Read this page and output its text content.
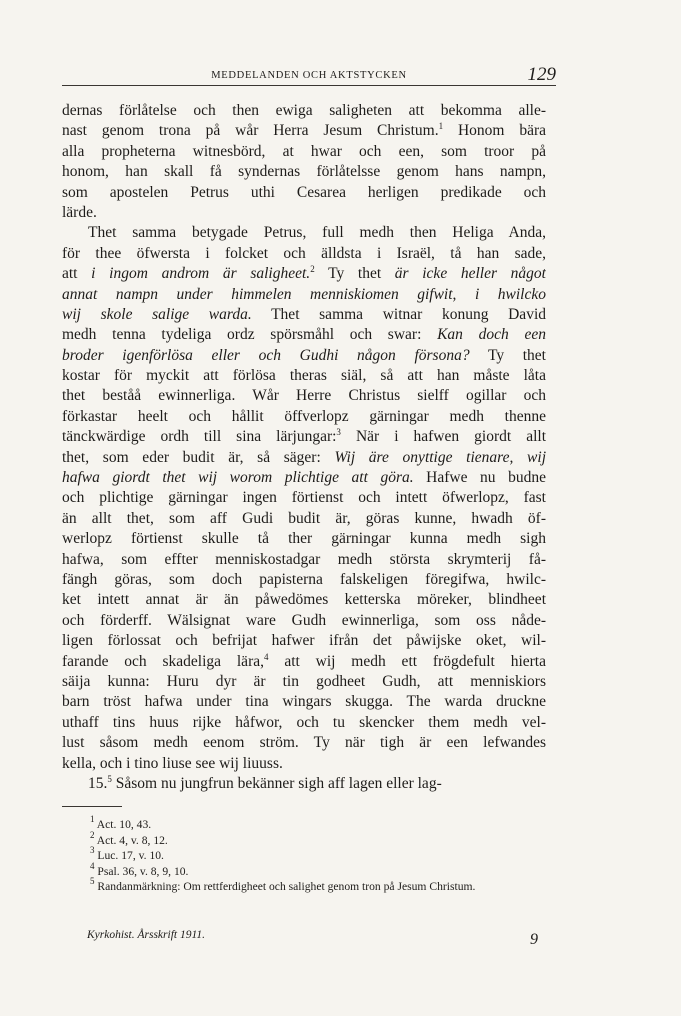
MEDDELANDEN OCH AKTSTYCKEN	129
dernas förlåtelse och then ewiga saligheten att bekomma alle-
nast genom trona på wår Herra Jesum Christum.$^1$ Honom bära
alla propheterna witnesbörd, at hwar och een, som troor på
honom, han skall få syndernas förlåtelsse genom hans nampn,
som apostelen Petrus uthi Cesarea herligen predikade och
lärde.
Thet samma betygade Petrus, full medh then Heliga Anda,
för thee öfwersta i folcket och älldsta i Israël, tå han sade,
att i ingom androm är saligheet.$^2$ Ty thet är icke heller något
annat nampn under himmelen menniskiomen gifwit, i hwilcko
wij skole salige warda. Thet samma witnar konung David
medh tenna tydeliga ordz spörsmåhl och swar: Kan doch een
broder igenförlösa eller och Gudhi någon försona? Ty thet
kostar för myckit att förlösa theras siäl, så att han måste låta
thet beståå ewinnerliga. Wår Herre Christus sielff ogillar och
förkastar heelt och hållit öffverlopz gärningar medh thenne
tänckwärdige ordh till sina lärjungar:$^3$ När i hafwen giordt allt
thet, som eder budit är, så säger: Wij äre onyttige tienare, wij
hafwa giordt thet wij worom plichtige att göra. Hafwe nu budne
och plichtige gärningar ingen förtienst och intett öfwerlopz, fast
än allt thet, som aff Gudi budit är, göras kunne, hwadh öf-
werlopz förtienst skulle tå ther gärningar kunna medh sigh
hafwa, som effter menniskostadgar medh största skrymterij få-
fängh göras, som doch papisterna falskeligen föregifwa, hwilc-
ket intett annat är än påwedömes ketterska möreker, blindheet
och förderff. Wälsignat ware Gudh ewinnerliga, som oss nåde-
ligen förlossat och befrijat hafwer ifrån det påwijske oket, wil-
farande och skadeliga lära,$^4$ att wij medh ett frögdefult hierta
säija kunna: Huru dyr är tin godheet Gudh, att menniskiors
barn tröst hafwa under tina wingars skugga. The warda druckne
uthaff tins huus rijke håfwor, och tu skencker them medh vel-
lust såsom medh eenom ström. Ty när tigh är een lefwandes
kella, och i tino liuse see wij liuuss.
15.$^5$ Såsom nu jungfrun bekänner sigh aff lagen eller lag-
$^1$ Act. 10, 43.
$^2$ Act. 4, v. 8, 12.
$^3$ Luc. 17, v. 10.
$^4$ Psal. 36, v. 8, 9, 10.
$^5$ Randanmärkning: Om rettferdigheet och salighet genom tron på Jesum Christum.
Kyrkohist. Årsskrift 1911.	9
